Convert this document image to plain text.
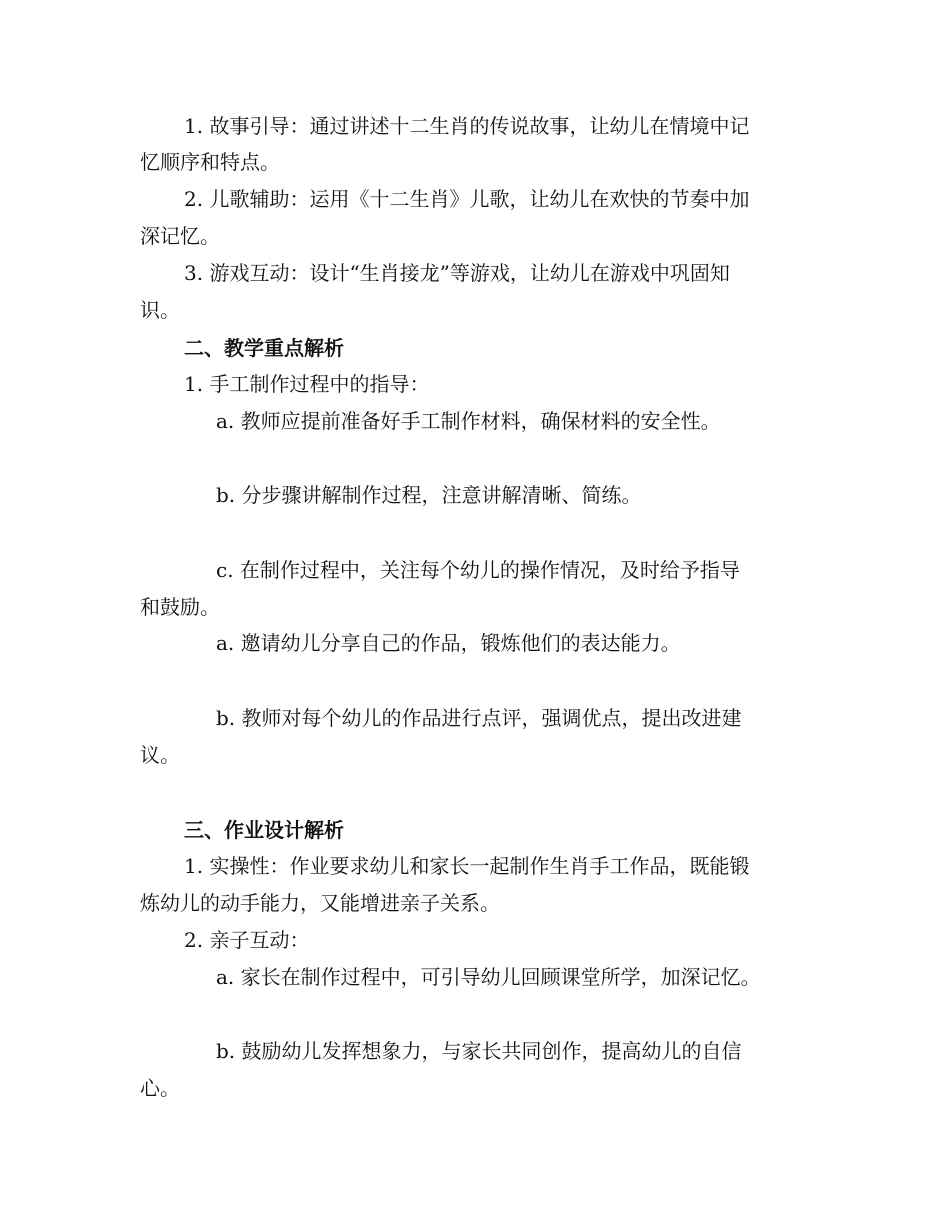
1. 故事引导：通过讲述十二生肖的传说故事，让幼儿在情境中记
忆顺序和特点。
2. 儿歌辅助：运用《十二生肖》儿歌，让幼儿在欢快的节奏中加
深记忆。
3. 游戏互动：设计“生肖接龙”等游戏，让幼儿在游戏中巩固知
识。
二、教学重点解析
1. 手工制作过程中的指导：
a. 教师应提前准备好手工制作材料，确保材料的安全性。
b. 分步骤讲解制作过程，注意讲解清晰、简练。
c. 在制作过程中，关注每个幼儿的操作情况，及时给予指导
和鼓励。
a. 邀请幼儿分享自己的作品，锻炼他们的表达能力。
b. 教师对每个幼儿的作品进行点评，强调优点，提出改进建
议。
三、作业设计解析
1. 实操性：作业要求幼儿和家长一起制作生肖手工作品，既能锻
炼幼儿的动手能力，又能增进亲子关系。
2. 亲子互动：
a. 家长在制作过程中，可引导幼儿回顾课堂所学，加深记忆。
b. 鼓励幼儿发挥想象力，与家长共同创作，提高幼儿的自信
心。
